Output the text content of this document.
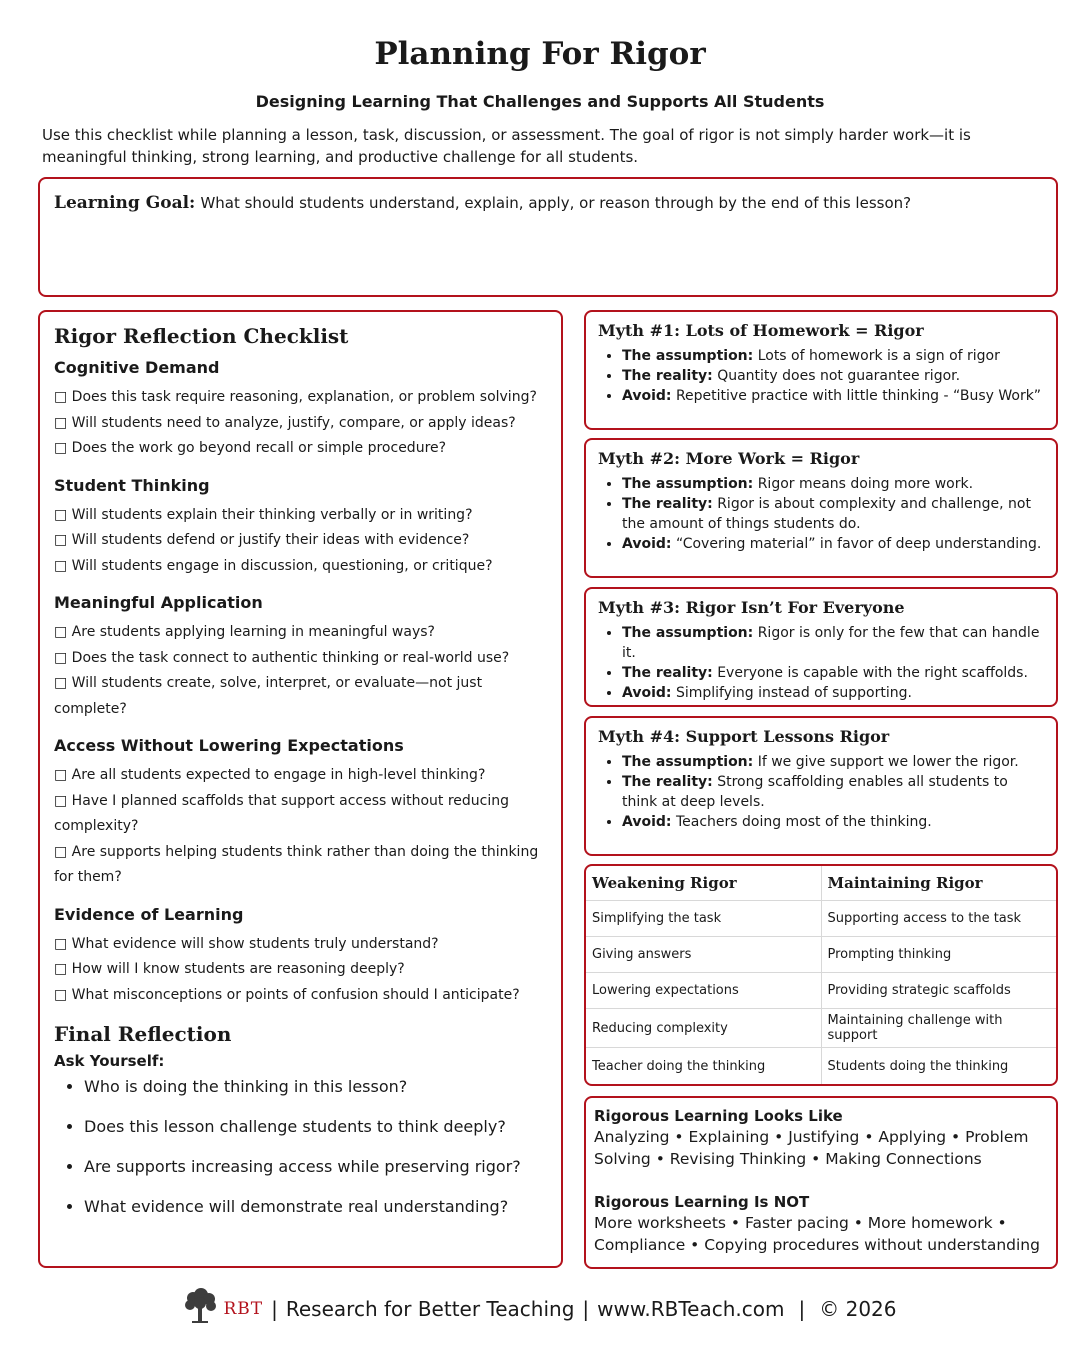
Planning For Rigor
Designing Learning That Challenges and Supports All Students

Use this checklist while planning a lesson, task, discussion, or assessment. The goal of rigor is not simply harder work—it is meaningful thinking, strong learning, and productive challenge for all students.

Learning Goal: What should students understand, explain, apply, or reason through by the end of this lesson?
Rigor Reflection Checklist
Cognitive Demand

□ Does this task require reasoning, explanation, or problem solving?

□ Will students need to analyze, justify, compare, or apply ideas?

□ Does the work go beyond recall or simple procedure?

Student Thinking

□ Will students explain their thinking verbally or in writing?

□ Will students defend or justify their ideas with evidence?

□ Will students engage in discussion, questioning, or critique?

Meaningful Application

□ Are students applying learning in meaningful ways?

□ Does the task connect to authentic thinking or real-world use?

□ Will students create, solve, interpret, or evaluate—not just complete?

Access Without Lowering Expectations

□ Are all students expected to engage in high-level thinking?

□ Have I planned scaffolds that support access without reducing complexity?

□ Are supports helping students think rather than doing the thinking for them?

Evidence of Learning

□ What evidence will show students truly understand?

□ How will I know students are reasoning deeply?

□ What misconceptions or points of confusion should I anticipate?

Final Reflection

Ask Yourself:

• Who is doing the thinking in this lesson?
• Does this lesson challenge students to think deeply?
• Are supports increasing access while preserving rigor?
• What evidence will demonstrate real understanding?
Myth #1: Lots of Homework = Rigor
• The assumption: Lots of homework is a sign of rigor
• The reality: Quantity does not guarantee rigor.
• Avoid: Repetitive practice with little thinking - “Busy Work”
Myth #2: More Work = Rigor
• The assumption: Rigor means doing more work.
• The reality: Rigor is about complexity and challenge, not the amount of things students do.
• Avoid: “Covering material” in favor of deep understanding.
Myth #3: Rigor Isn’t For Everyone
• The assumption: Rigor is only for the few that can handle it.
• The reality: Everyone is capable with the right scaffolds.
• Avoid: Simplifying instead of supporting.
Myth #4: Support Lessons Rigor
• The assumption: If we give support we lower the rigor.
• The reality: Strong scaffolding enables all students to think at deep levels.
• Avoid: Teachers doing most of the thinking.
Weakening Rigor	Maintaining Rigor
Simplifying the task	Supporting access to the task
Giving answers	Prompting thinking
Lowering expectations	Providing strategic scaffolds
Reducing complexity	Maintaining challenge with support
Teacher doing the thinking	Students doing the thinking
Rigorous Learning Looks Like

Analyzing • Explaining • Justifying • Applying • Problem Solving • Revising Thinking • Making Connections

Rigorous Learning Is NOT

More worksheets • Faster pacing • More homework • Compliance • Copying procedures without understanding

RBT | Research for Better Teaching | www.RBTeach.com | © 2026
